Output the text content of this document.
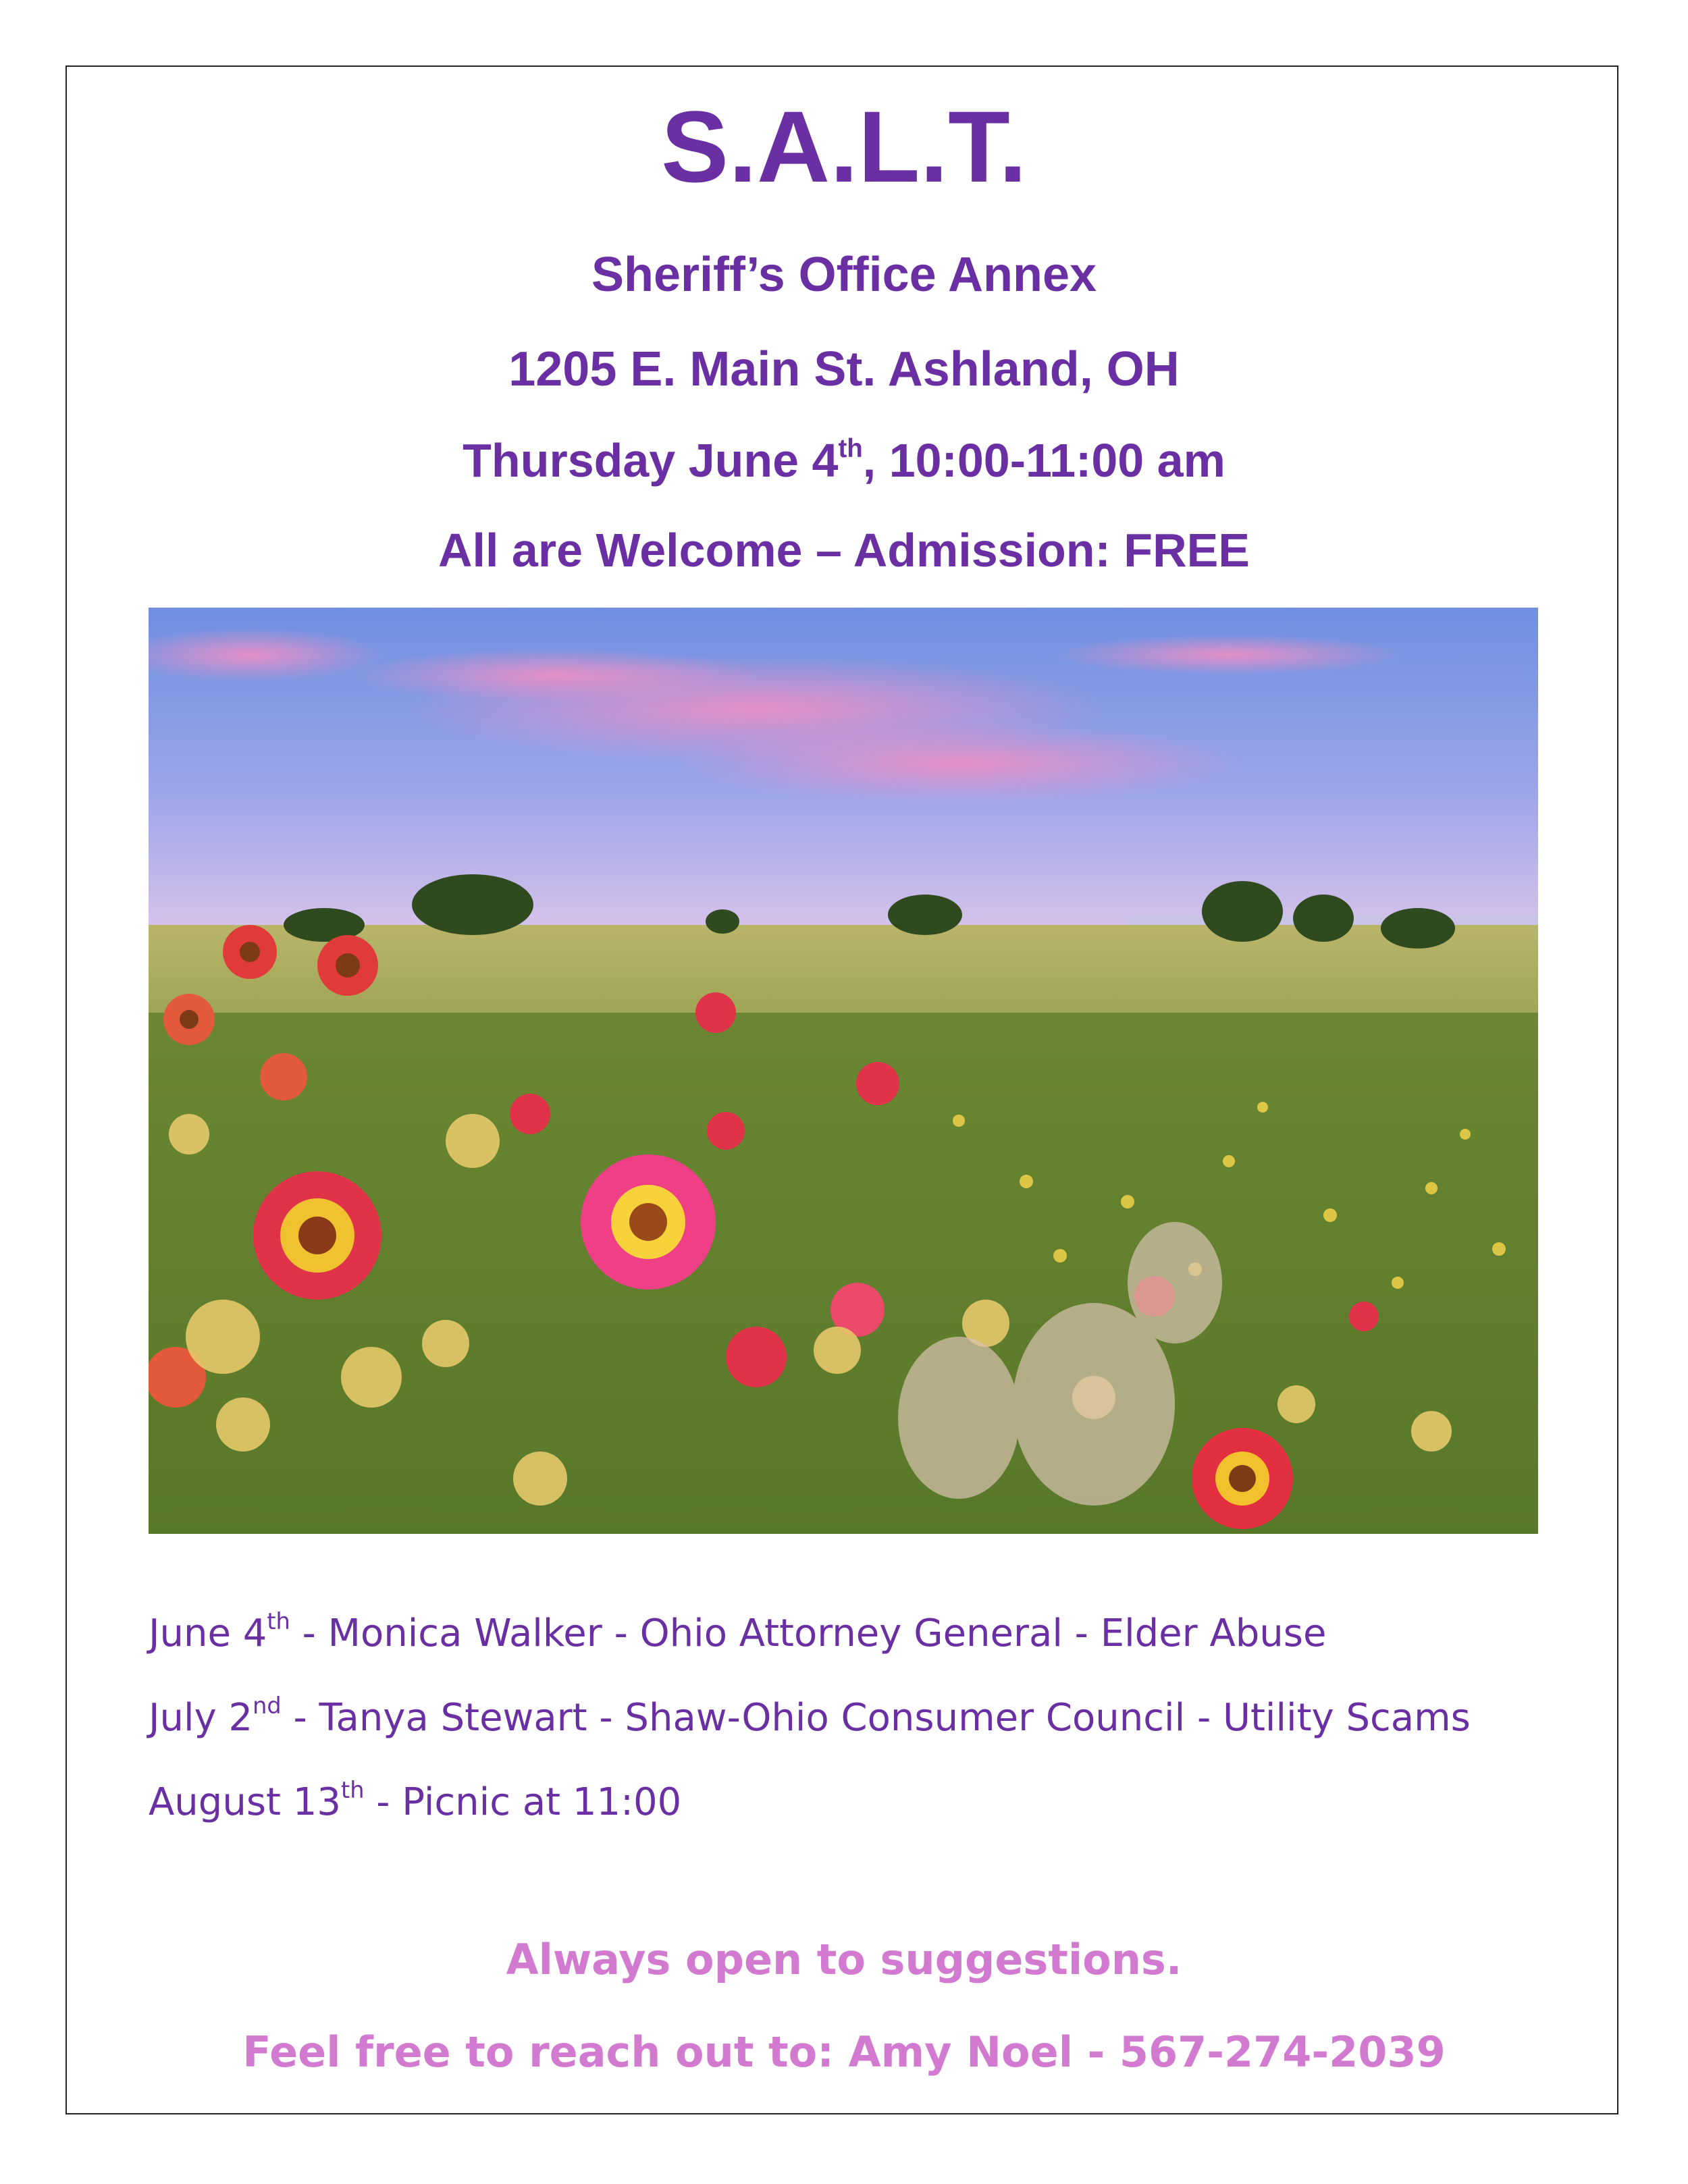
S.A.L.T.
Sheriff’s Office Annex
1205 E. Main St. Ashland, OH
Thursday June 4th, 10:00-11:00 am
All are Welcome – Admission: FREE
June 4th - Monica Walker - Ohio Attorney General - Elder Abuse
July 2nd - Tanya Stewart - Shaw-Ohio Consumer Council - Utility Scams
August 13th - Picnic at 11:00
Always open to suggestions.
Feel free to reach out to: Amy Noel - 567-274-2039
